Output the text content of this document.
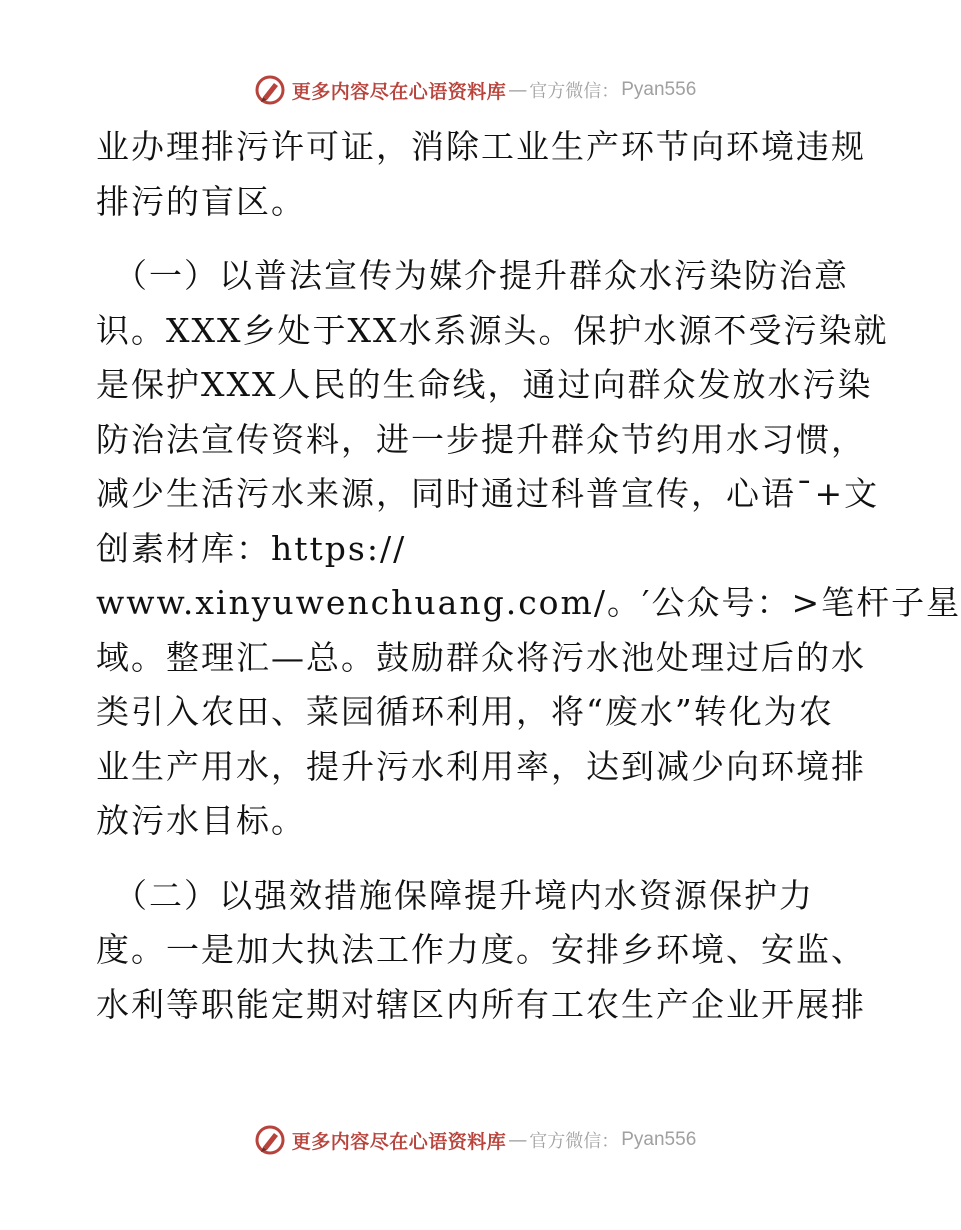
更多内容尽在心语资料库 — 官方微信： Pyan556
业办理排污许可证，消除工业生产环节向环境违规
排污的盲区。
（一）以普法宣传为媒介提升群众水污染防治意
识。XXX乡处于XX水系源头。保护水源不受污染就
是保护XXX人民的生命线，通过向群众发放水污染
防治法宣传资料，进一步提升群众节约用水习惯，
减少生活污水来源，同时通过科普宣传，心语¯+文
创素材库：https://
www.xinyuwenchuang.com/。′公众号：>笔杆子星
域。整理汇—总。鼓励群众将污水池处理过后的水
类引入农田、菜园循环利用，将“废水”转化为农
业生产用水，提升污水利用率，达到减少向环境排
放污水目标。
（二）以强效措施保障提升境内水资源保护力
度。一是加大执法工作力度。安排乡环境、安监、
水利等职能定期对辖区内所有工农生产企业开展排
更多内容尽在心语资料库 — 官方微信： Pyan556
